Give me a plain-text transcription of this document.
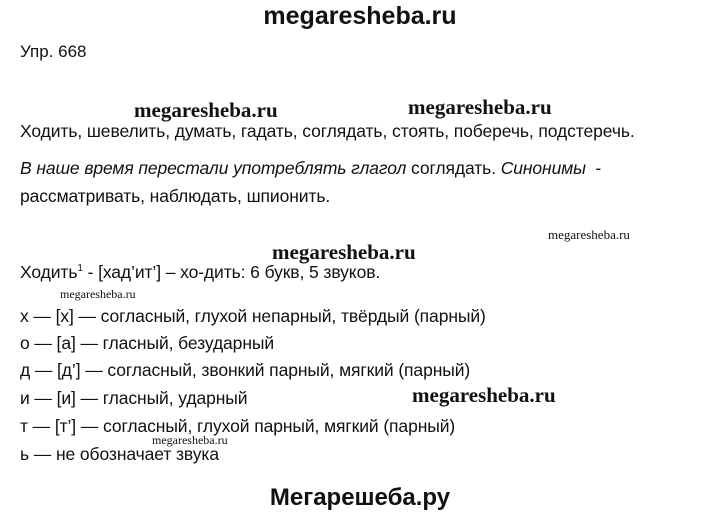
megaresheba.ru
Упр. 668
megaresheba.ru	megaresheba.ru
Ходить, шевелить, думать, гадать, соглядать, стоять, поберечь, подстеречь.
В наше время перестали употреблять глагол соглядать. Синонимы -
рассматривать, наблюдать, шпионить.
megaresheba.ru
megaresheba.ru
Ходить$^1$ - [хад’ит’] – хо-дить: 6 букв, 5 звуков.
megaresheba.ru
х — [х] — согласный, глухой непарный, твёрдый (парный)
о — [а] — гласный, безударный
д — [д’] — согласный, звонкий парный, мягкий (парный)
megaresheba.ru
и — [и] — гласный, ударный
т — [т’] — согласный, глухой парный, мягкий (парный)
megaresheba.ru
ь — не обозначает звука
Мегарешеба.ру
